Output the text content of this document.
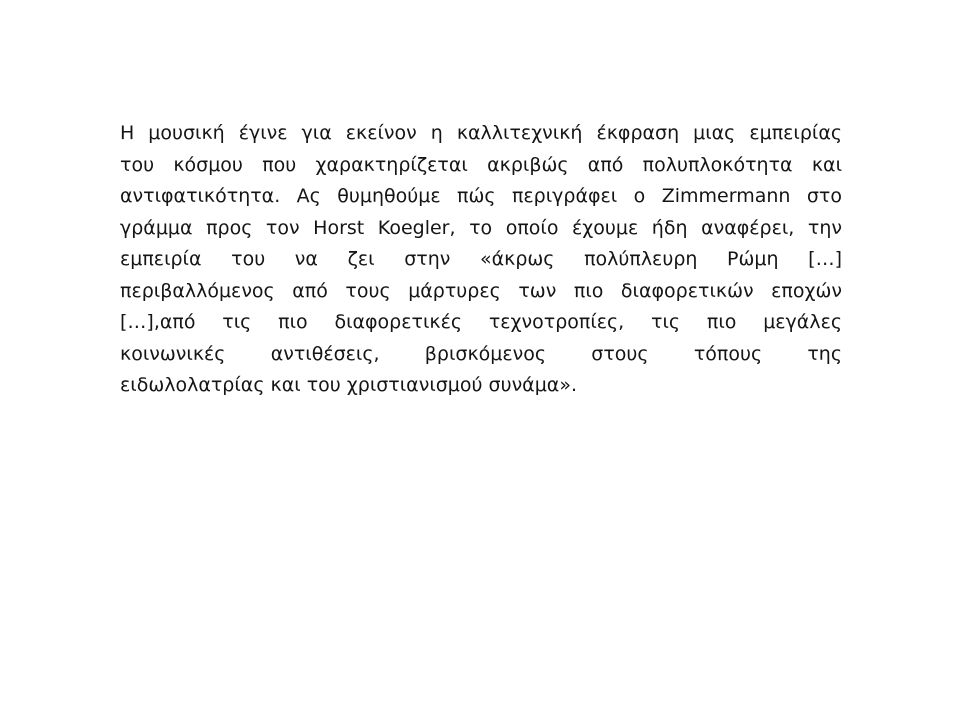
Η μουσική έγινε για εκείνον η καλλιτεχνική έκφραση μιας εμπειρίας
του κόσμου που χαρακτηρίζεται ακριβώς από πολυπλοκότητα και
αντιφατικότητα. Ας θυμηθούμε πώς περιγράφει ο Zimmermann στο
γράμμα προς τον Horst Koegler, το οποίο έχουμε ήδη αναφέρει, την
εμπειρία του να ζει στην «άκρως πολύπλευρη Ρώμη […]
περιβαλλόμενος από τους μάρτυρες των πιο διαφορετικών εποχών
[…],από τις πιο διαφορετικές τεχνοτροπίες, τις πιο μεγάλες
κοινωνικές αντιθέσεις, βρισκόμενος στους τόπους της
ειδωλολατρίας και του χριστιανισμού συνάμα».
